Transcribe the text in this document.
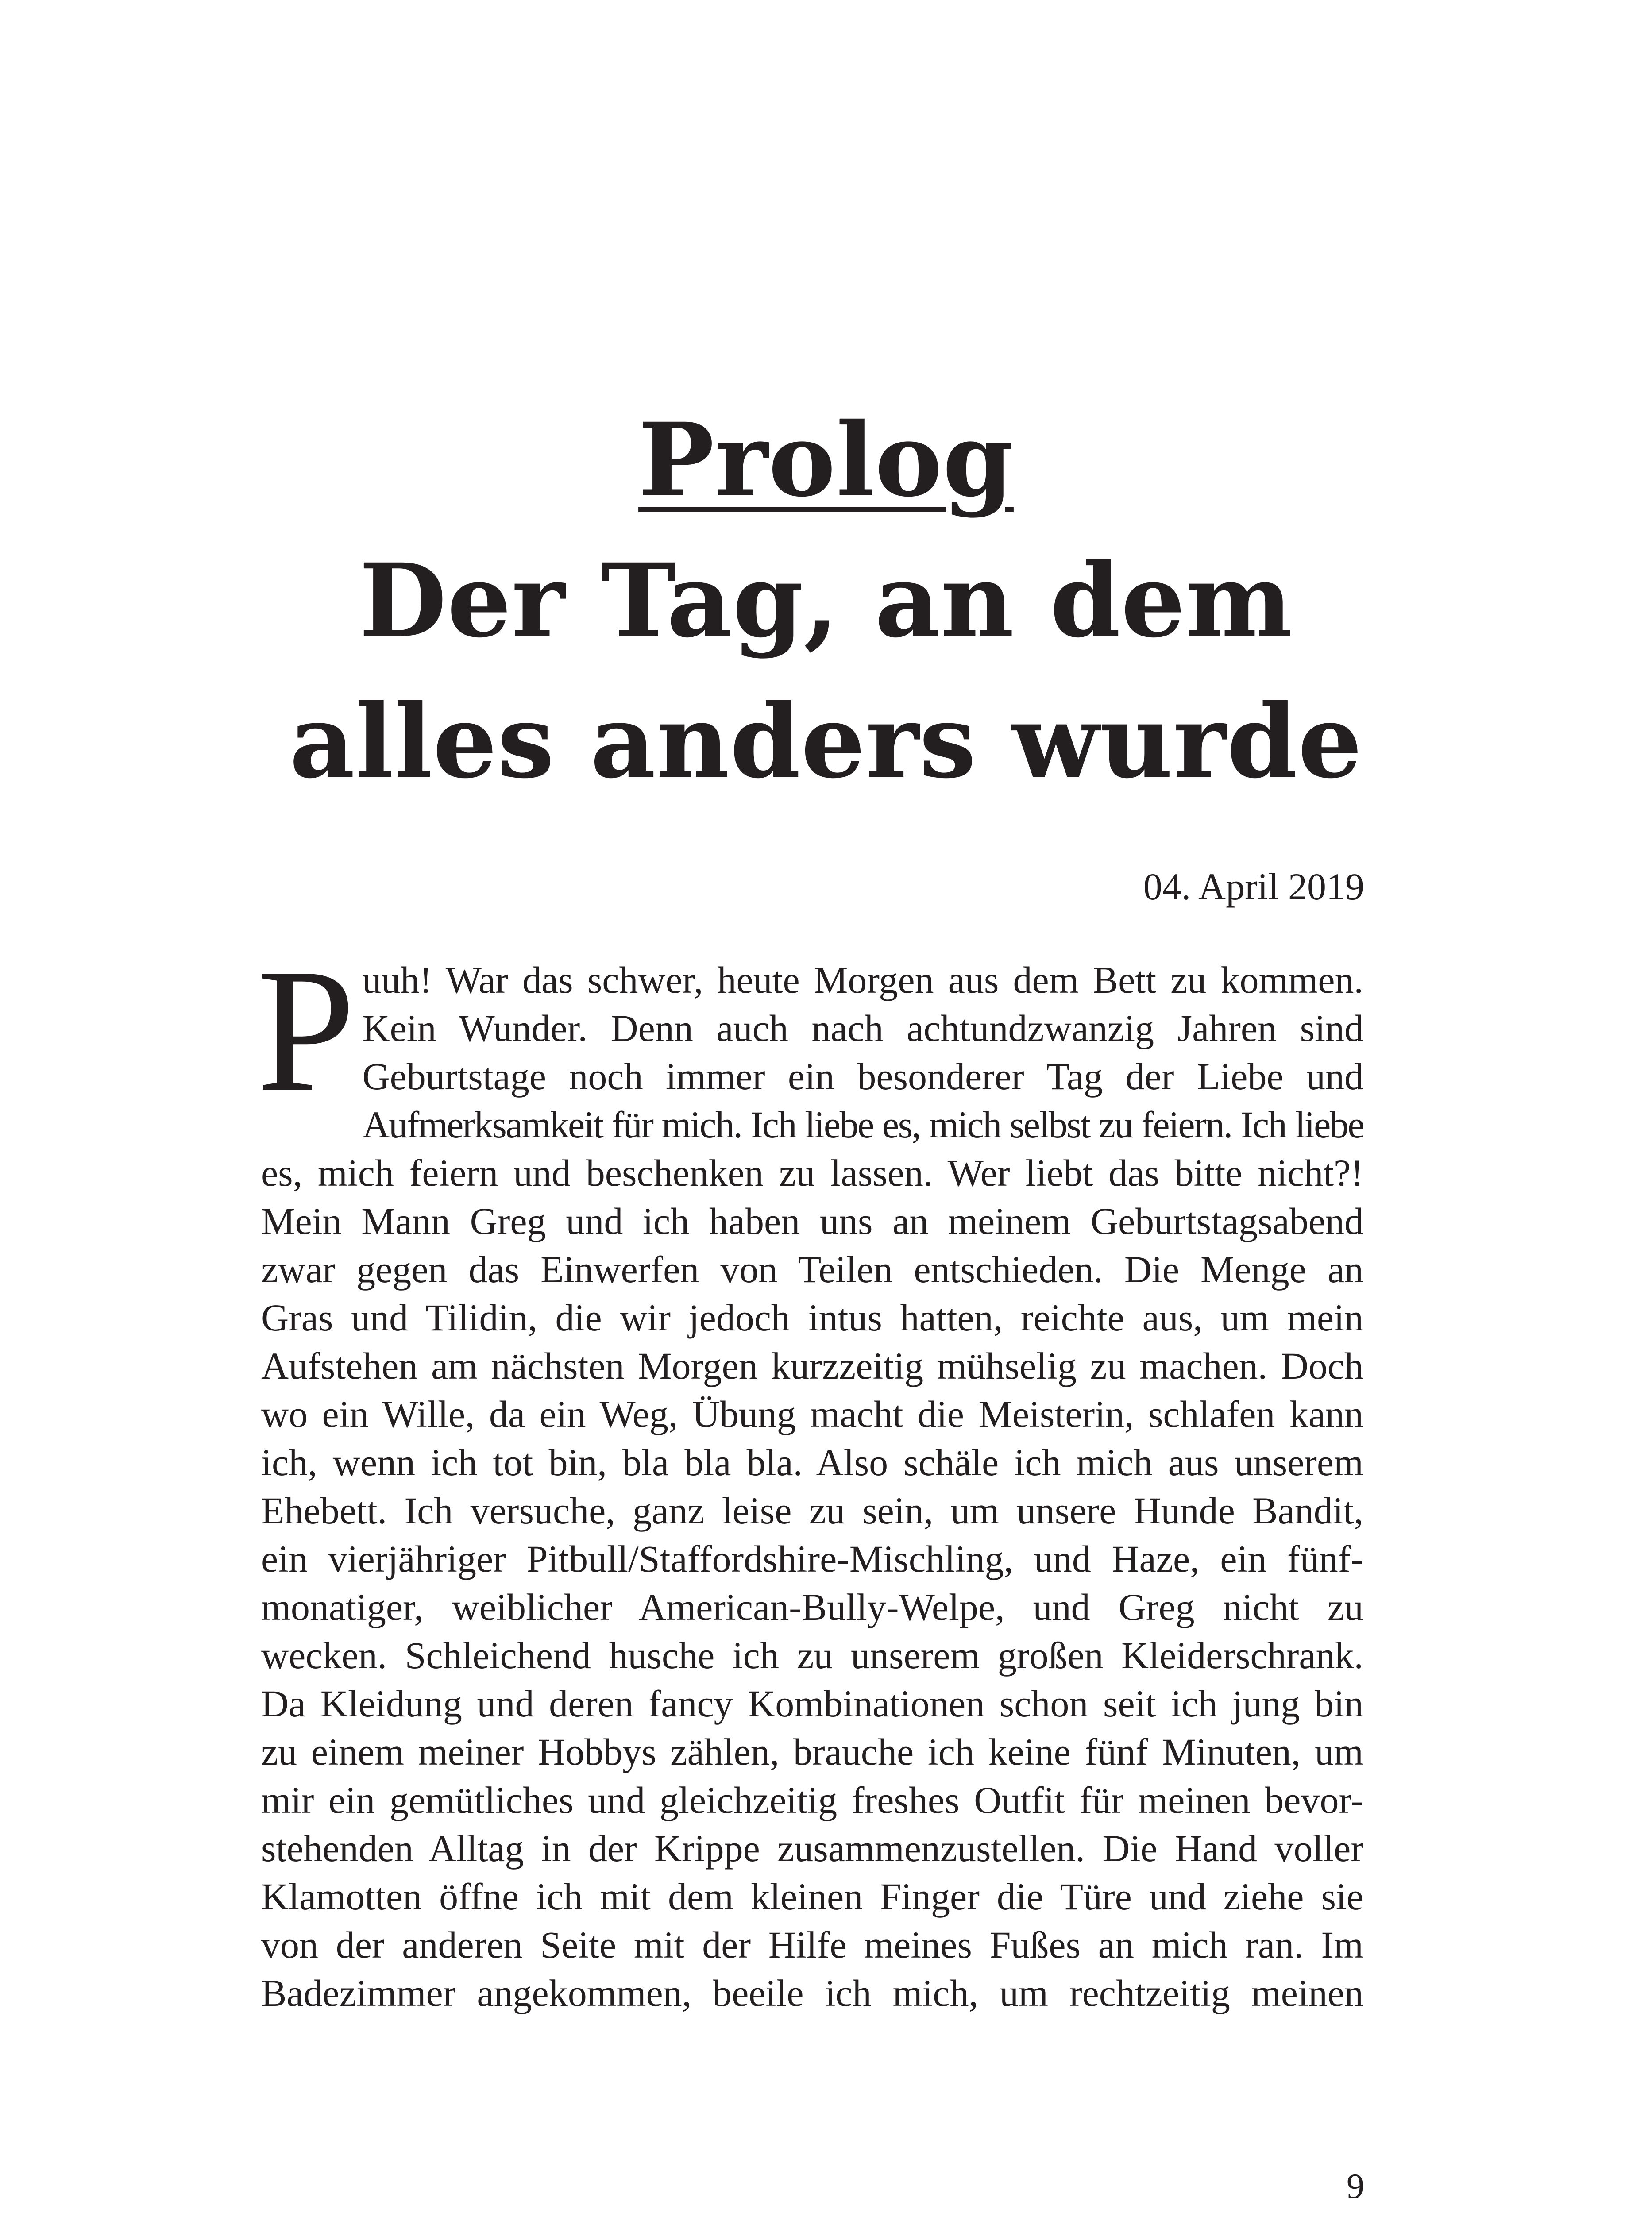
Prolog
Der Tag, an dem
alles anders wurde
04. April 2019
P uuh! War das schwer, heute Morgen aus dem Bett zu kommen.
Kein Wunder. Denn auch nach achtundzwanzig Jahren sind
Geburtstage noch immer ein besonderer Tag der Liebe und
Aufmerksamkeit für mich. Ich liebe es, mich selbst zu feiern. Ich liebe
es, mich feiern und beschenken zu lassen. Wer liebt das bitte nicht?!
Mein Mann Greg und ich haben uns an meinem Geburtstagsabend
zwar gegen das Einwerfen von Teilen entschieden. Die Menge an
Gras und Tilidin, die wir jedoch intus hatten, reichte aus, um mein
Aufstehen am nächsten Morgen kurzzeitig mühselig zu machen. Doch
wo ein Wille, da ein Weg, Übung macht die Meisterin, schlafen kann
ich, wenn ich tot bin, bla bla bla. Also schäle ich mich aus unserem
Ehebett. Ich versuche, ganz leise zu sein, um unsere Hunde Bandit,
ein vierjähriger Pitbull/Staffordshire-Mischling, und Haze, ein fünf-
monatiger, weiblicher American-Bully-Welpe, und Greg nicht zu
wecken. Schleichend husche ich zu unserem großen Kleiderschrank.
Da Kleidung und deren fancy Kombinationen schon seit ich jung bin
zu einem meiner Hobbys zählen, brauche ich keine fünf Minuten, um
mir ein gemütliches und gleichzeitig freshes Outfit für meinen bevor-
stehenden Alltag in der Krippe zusammenzustellen. Die Hand voller
Klamotten öffne ich mit dem kleinen Finger die Türe und ziehe sie
von der anderen Seite mit der Hilfe meines Fußes an mich ran. Im
Badezimmer angekommen, beeile ich mich, um rechtzeitig meinen
9
